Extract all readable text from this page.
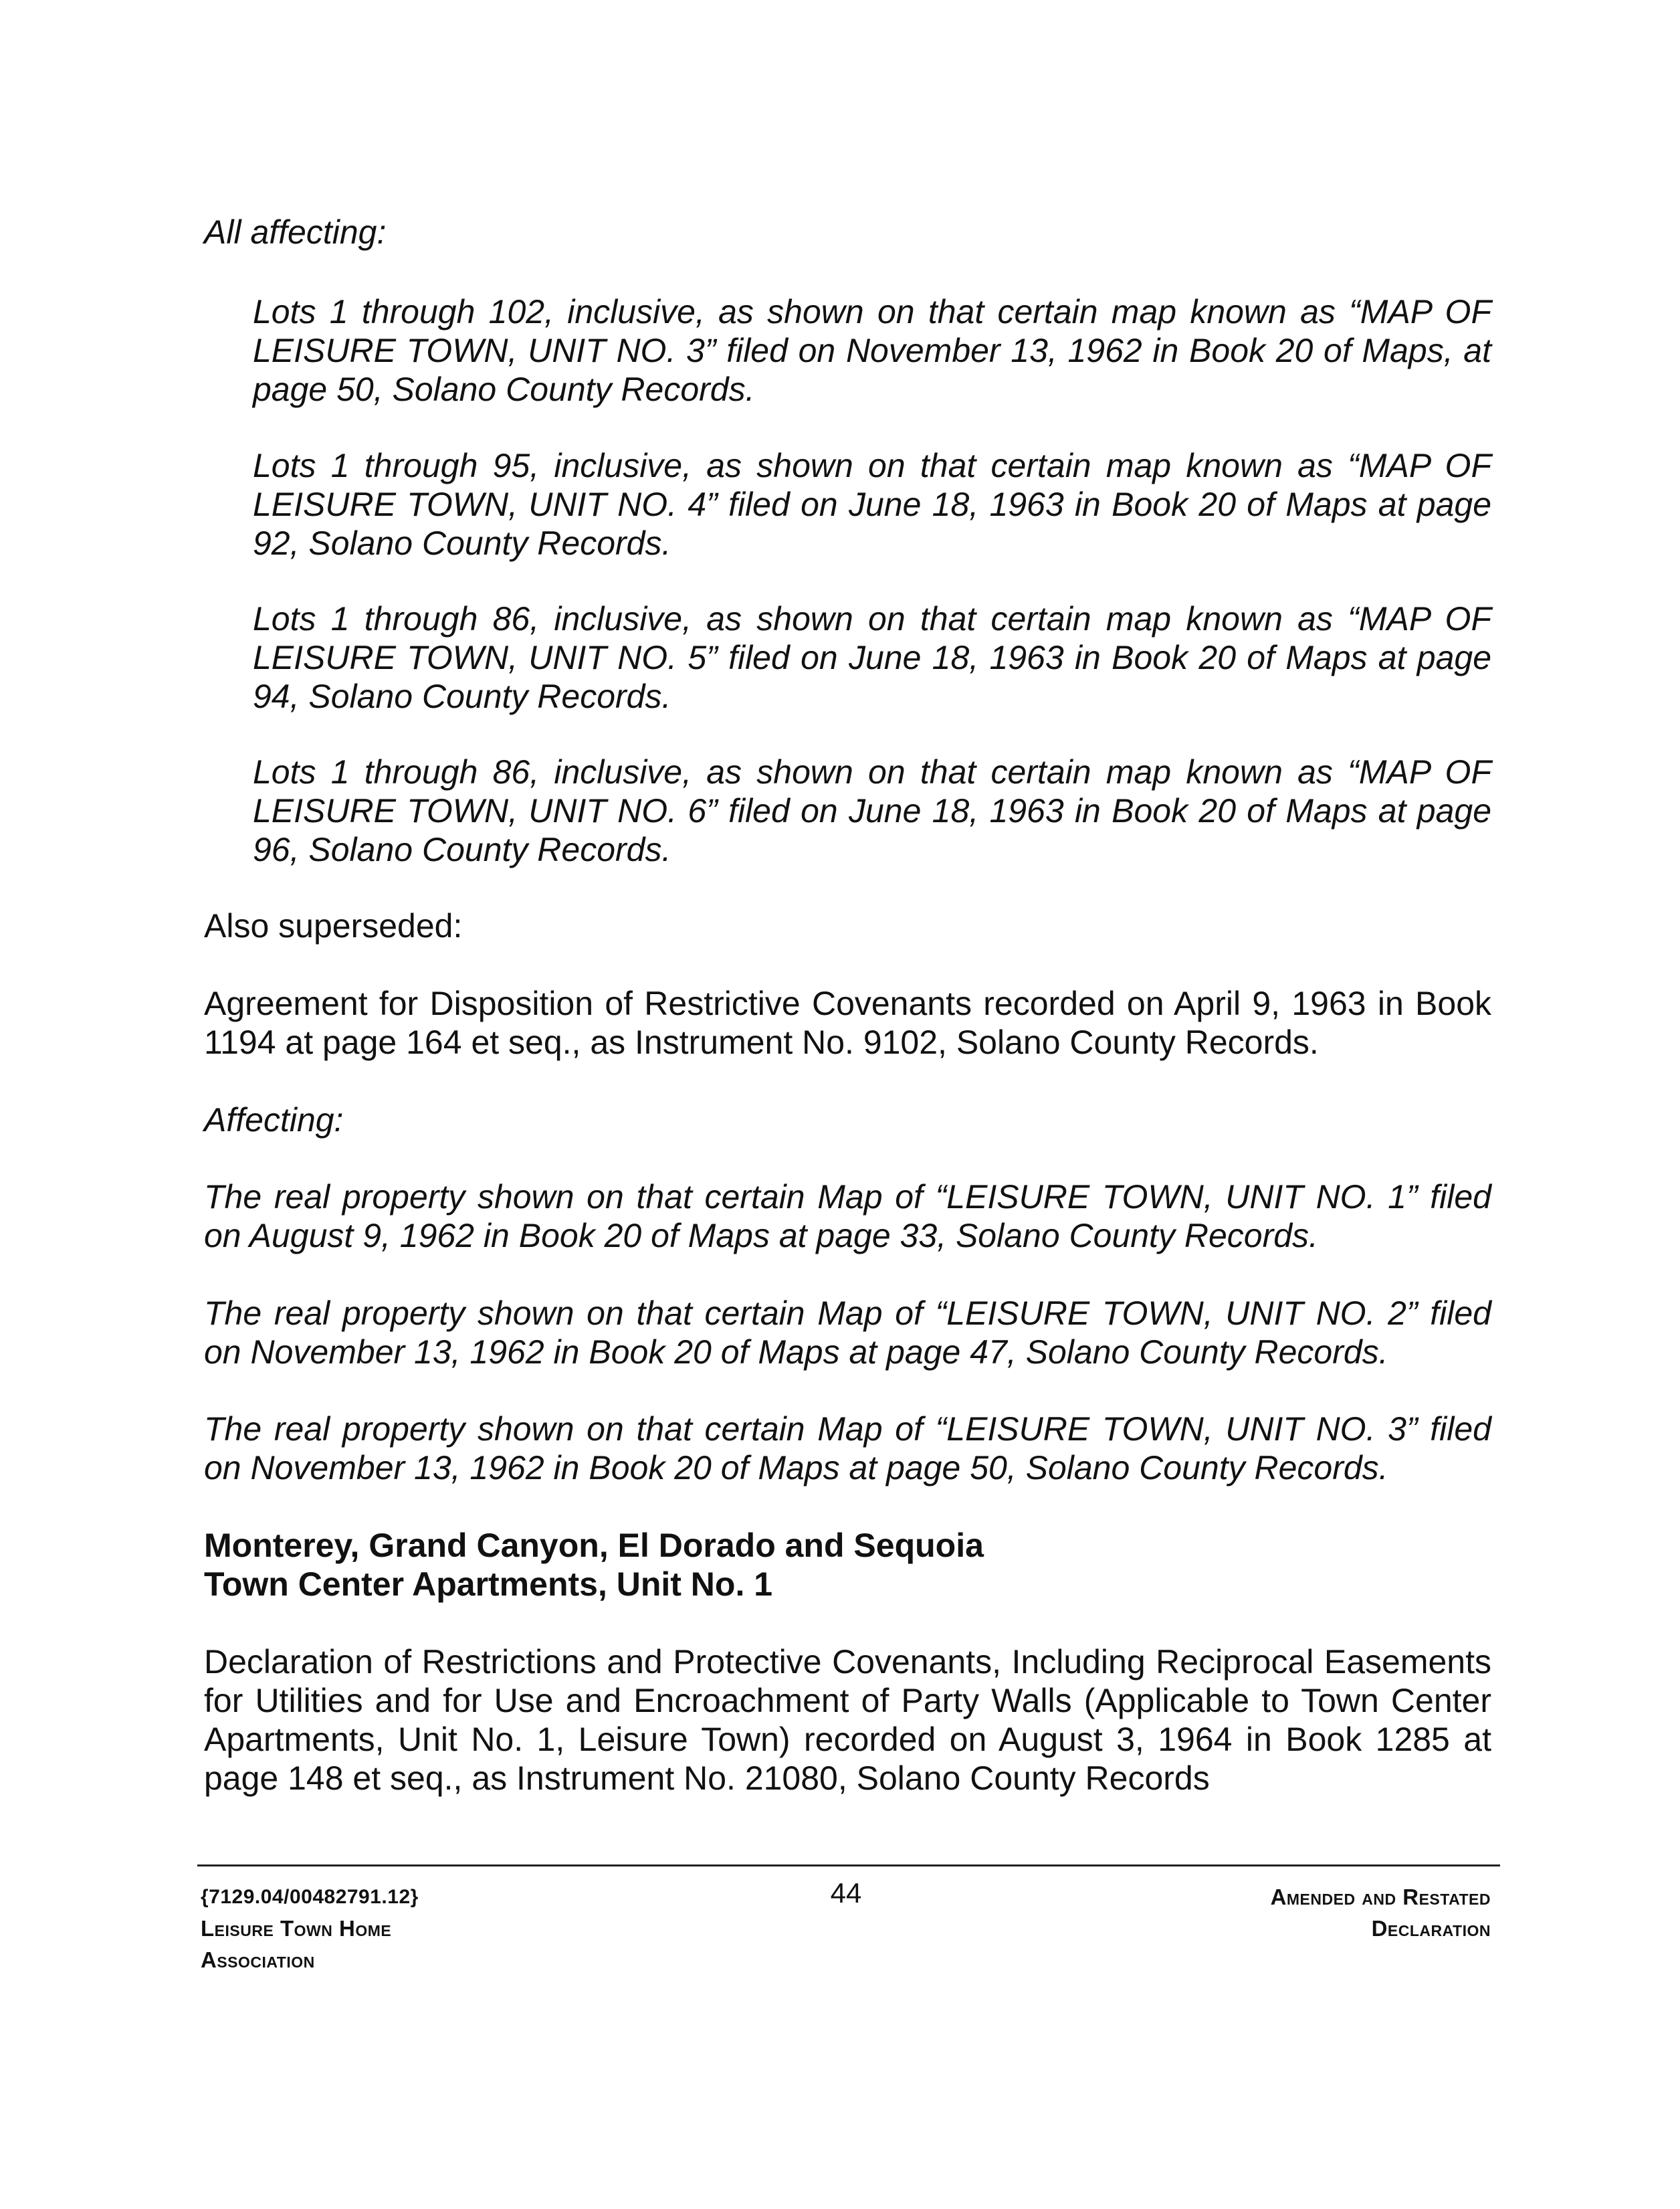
All affecting:

Lots 1 through 102, inclusive, as shown on that certain map known as “MAP OF LEISURE TOWN, UNIT NO. 3” filed on November 13, 1962 in Book 20 of Maps, at page 50, Solano County Records.

Lots 1 through 95, inclusive, as shown on that certain map known as “MAP OF LEISURE TOWN, UNIT NO. 4” filed on June 18, 1963 in Book 20 of Maps at page 92, Solano County Records.

Lots 1 through 86, inclusive, as shown on that certain map known as “MAP OF LEISURE TOWN, UNIT NO. 5” filed on June 18, 1963 in Book 20 of Maps at page 94, Solano County Records.

Lots 1 through 86, inclusive, as shown on that certain map known as “MAP OF LEISURE TOWN, UNIT NO. 6” filed on June 18, 1963 in Book 20 of Maps at page 96, Solano County Records.

Also superseded:

Agreement for Disposition of Restrictive Covenants recorded on April 9, 1963 in Book 1194 at page 164 et seq., as Instrument No. 9102, Solano County Records.

Affecting:

The real property shown on that certain Map of “LEISURE TOWN, UNIT NO. 1” filed on August 9, 1962 in Book 20 of Maps at page 33, Solano County Records.

The real property shown on that certain Map of “LEISURE TOWN, UNIT NO. 2” filed on November 13, 1962 in Book 20 of Maps at page 47, Solano County Records.

The real property shown on that certain Map of “LEISURE TOWN, UNIT NO. 3” filed on November 13, 1962 in Book 20 of Maps at page 50, Solano County Records.

Monterey, Grand Canyon, El Dorado and Sequoia
Town Center Apartments, Unit No. 1

Declaration of Restrictions and Protective Covenants, Including Reciprocal Easements for Utilities and for Use and Encroachment of Party Walls (Applicable to Town Center Apartments, Unit No. 1, Leisure Town) recorded on August 3, 1964 in Book 1285 at page 148 et seq., as Instrument No. 21080, Solano County Records

{7129.04/00482791.12}
Leisure Town Home
Association
44	Amended and Restated
Declaration
